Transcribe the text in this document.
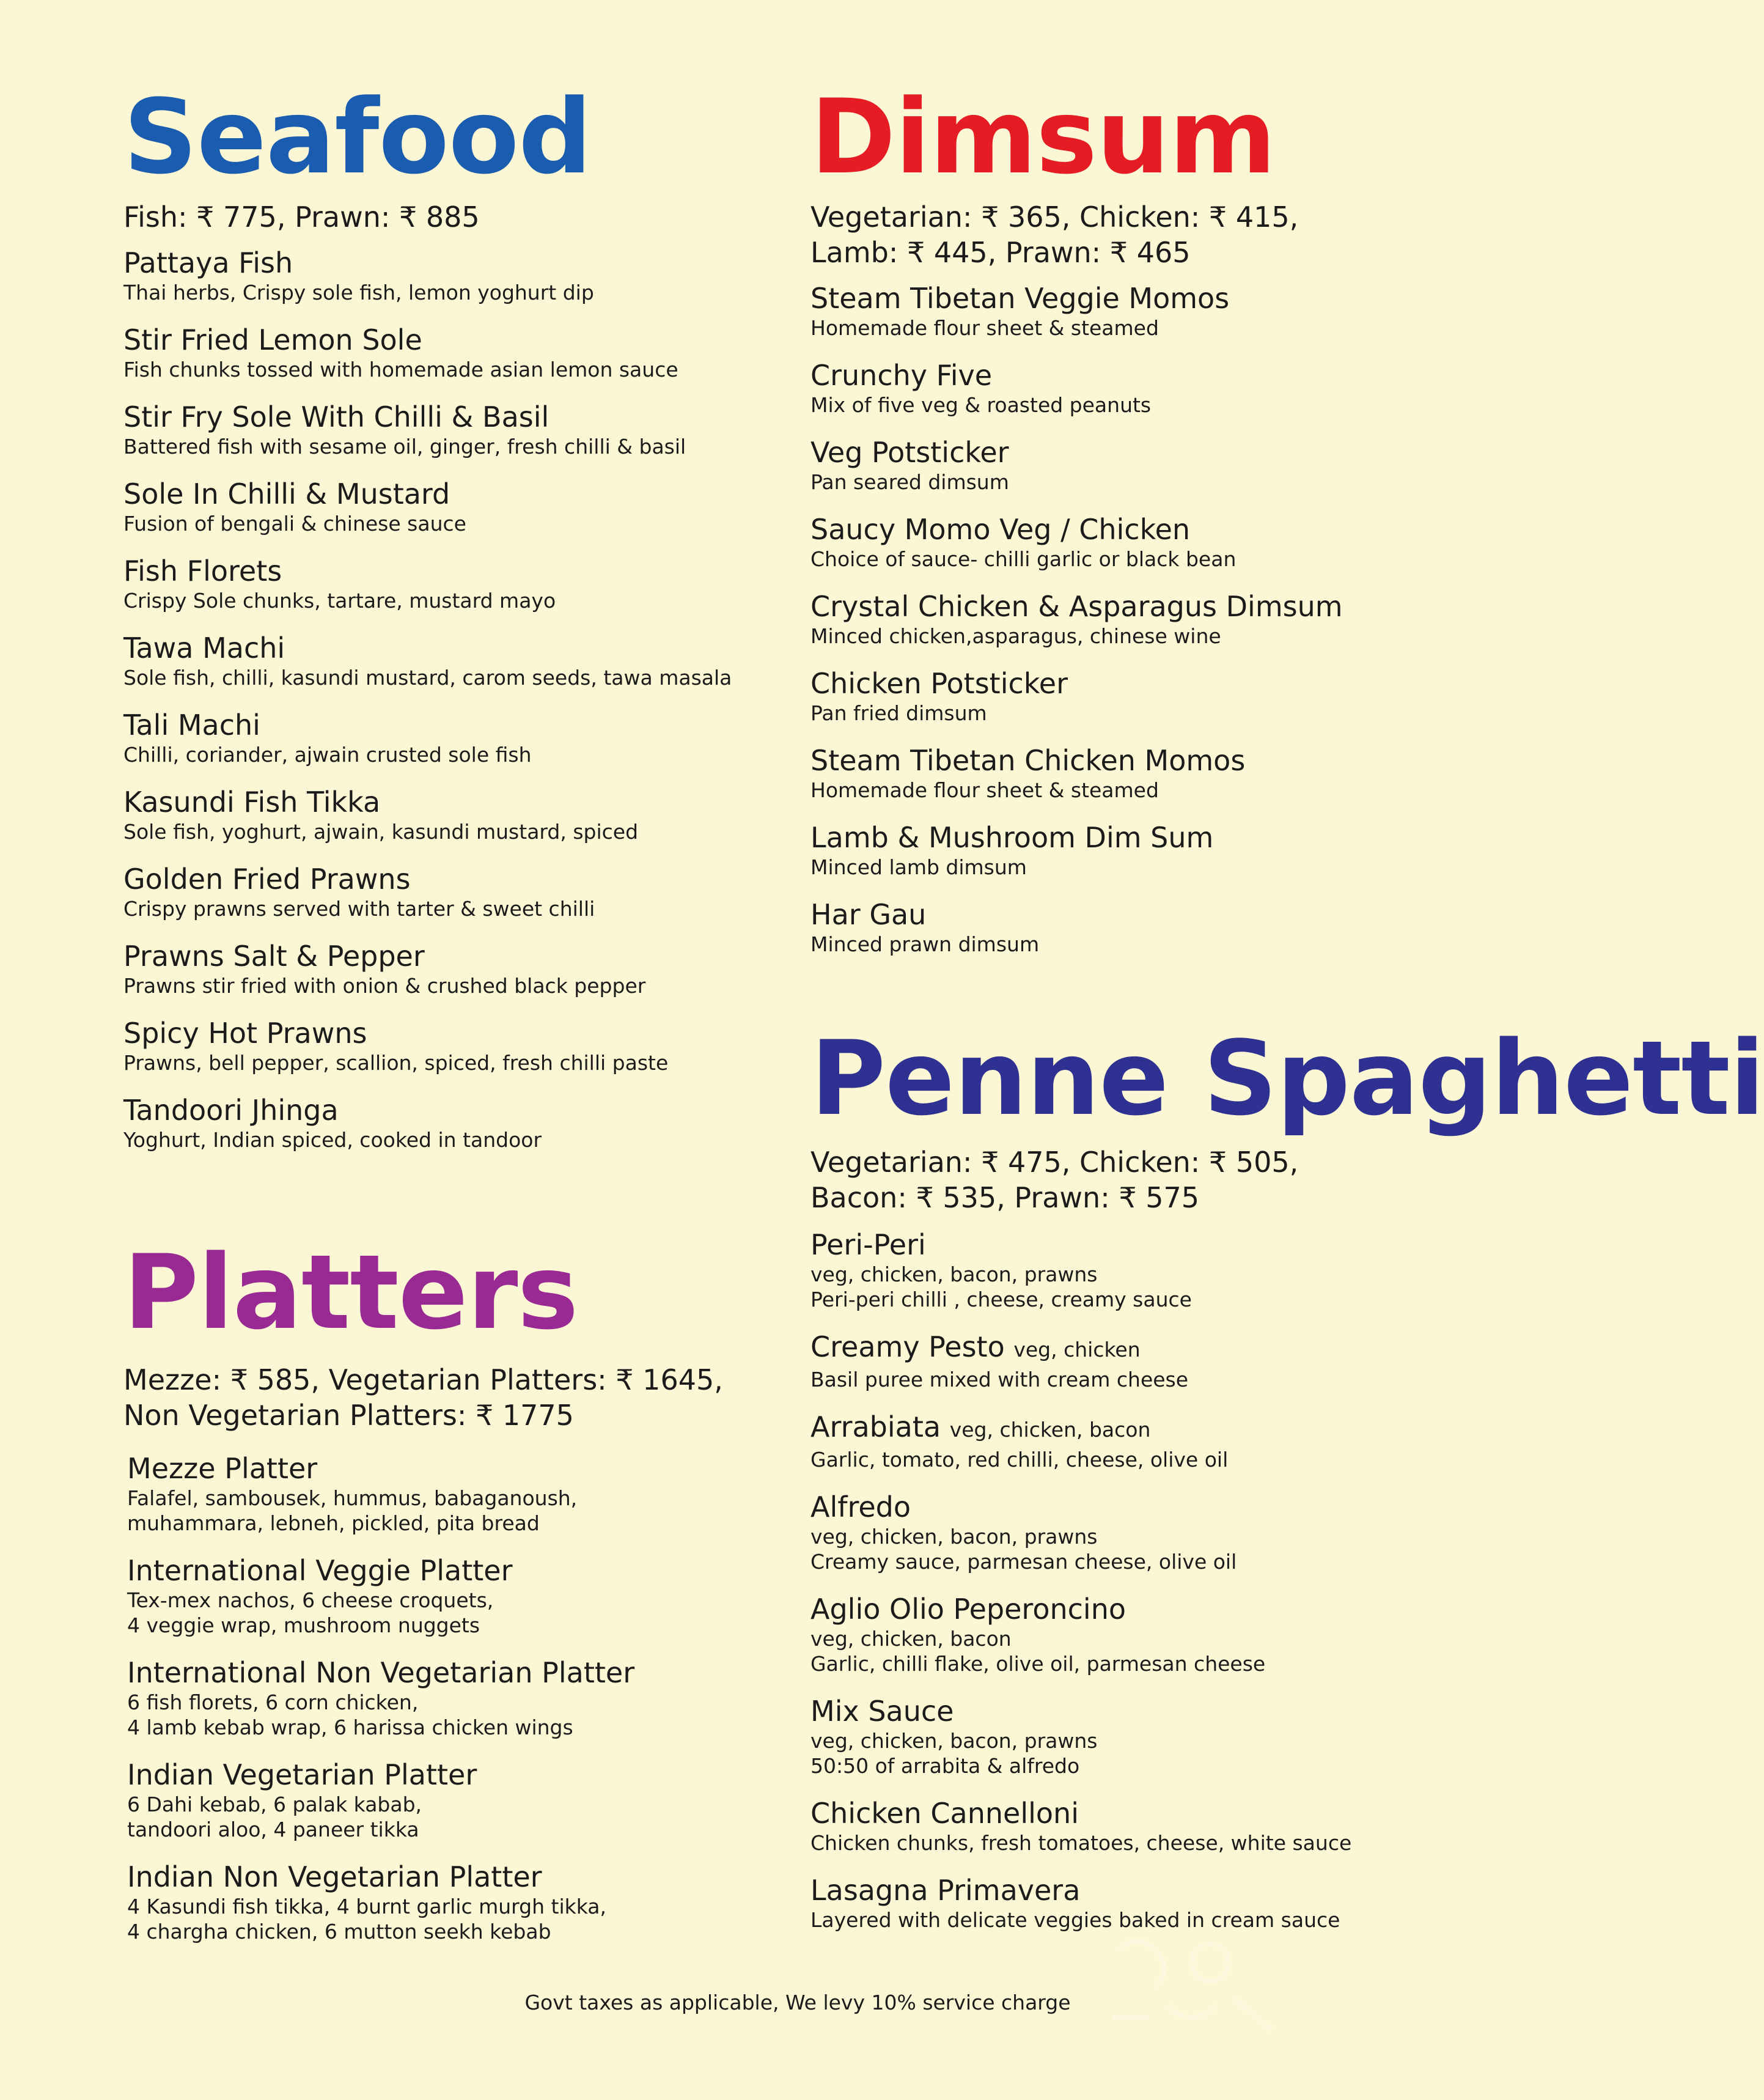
Seafood
Fish: ₹ 775, Prawn: ₹ 885
Pattaya Fish
Thai herbs, Crispy sole fish, lemon yoghurt dip
Stir Fried Lemon Sole
Fish chunks tossed with homemade asian lemon sauce
Stir Fry Sole With Chilli & Basil
Battered fish with sesame oil, ginger, fresh chilli & basil
Sole In Chilli & Mustard
Fusion of bengali & chinese sauce
Fish Florets
Crispy Sole chunks, tartare, mustard mayo
Tawa Machi
Sole fish, chilli, kasundi mustard, carom seeds, tawa masala
Tali Machi
Chilli, coriander, ajwain crusted sole fish
Kasundi Fish Tikka
Sole fish, yoghurt, ajwain, kasundi mustard, spiced
Golden Fried Prawns
Crispy prawns served with tarter & sweet chilli
Prawns Salt & Pepper
Prawns stir fried with onion & crushed black pepper
Spicy Hot Prawns
Prawns, bell pepper, scallion, spiced, fresh chilli paste
Tandoori Jhinga
Yoghurt, Indian spiced, cooked in tandoor
Platters
Mezze: ₹ 585, Vegetarian Platters: ₹ 1645,
Non Vegetarian Platters: ₹ 1775
Mezze Platter
Falafel, sambousek, hummus, babaganoush,
muhammara, lebneh, pickled, pita bread
International Veggie Platter
Tex-mex nachos, 6 cheese croquets,
4 veggie wrap, mushroom nuggets
International Non Vegetarian Platter
6 fish florets, 6 corn chicken,
4 lamb kebab wrap, 6 harissa chicken wings
Indian Vegetarian Platter
6 Dahi kebab, 6 palak kabab,
tandoori aloo, 4 paneer tikka
Indian Non Vegetarian Platter
4 Kasundi fish tikka, 4 burnt garlic murgh tikka,
4 chargha chicken, 6 mutton seekh kebab
Dimsum
Vegetarian: ₹ 365, Chicken: ₹ 415,
Lamb: ₹ 445, Prawn: ₹ 465
Steam Tibetan Veggie Momos
Homemade flour sheet & steamed
Crunchy Five
Mix of five veg & roasted peanuts
Veg Potsticker
Pan seared dimsum
Saucy Momo Veg / Chicken
Choice of sauce- chilli garlic or black bean
Crystal Chicken & Asparagus Dimsum
Minced chicken,asparagus, chinese wine
Chicken Potsticker
Pan fried dimsum
Steam Tibetan Chicken Momos
Homemade flour sheet & steamed
Lamb & Mushroom Dim Sum
Minced lamb dimsum
Har Gau
Minced prawn dimsum
Penne Spaghetti
Vegetarian: ₹ 475, Chicken: ₹ 505,
Bacon: ₹ 535, Prawn: ₹ 575
Peri-Peri
veg, chicken, bacon, prawns
Peri-peri chilli , cheese, creamy sauce
Creamy Pesto veg, chicken
Basil puree mixed with cream cheese
Arrabiata veg, chicken, bacon
Garlic, tomato, red chilli, cheese, olive oil
Alfredo
veg, chicken, bacon, prawns
Creamy sauce, parmesan cheese, olive oil
Aglio Olio Peperoncino
veg, chicken, bacon
Garlic, chilli flake, olive oil, parmesan cheese
Mix Sauce
veg, chicken, bacon, prawns
50:50 of arrabita & alfredo
Chicken Cannelloni
Chicken chunks, fresh tomatoes, cheese, white sauce
Lasagna Primavera
Layered with delicate veggies baked in cream sauce
Govt taxes as applicable, We levy 10% service charge
